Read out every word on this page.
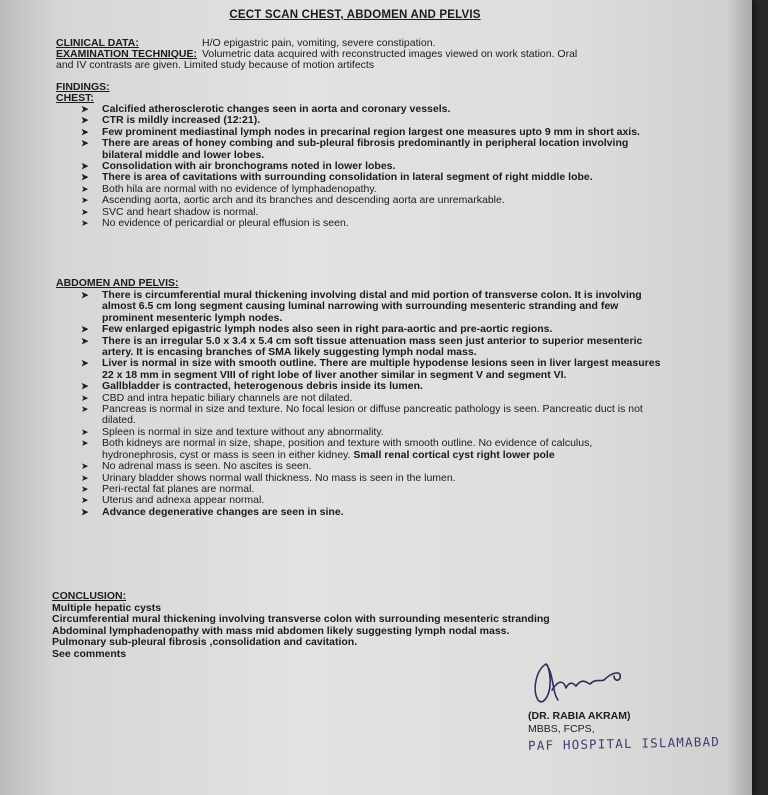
CECT SCAN CHEST, ABDOMEN AND PELVIS
CLINICAL DATA:	H/O epigastric pain, vomiting, severe constipation.
EXAMINATION TECHNIQUE: Volumetric data acquired with reconstructed images viewed on work station. Oral
and IV contrasts are given. Limited study because of motion artifects
FINDINGS:
CHEST:
➤ Calcified atherosclerotic changes seen in aorta and coronary vessels.
➤ CTR is mildly increased (12:21).
➤ Few prominent mediastinal lymph nodes in precarinal region largest one measures upto 9 mm in short axis.
➤ There are areas of honey combing and sub-pleural fibrosis predominantly in peripheral location involving bilateral middle and lower lobes.
➤ Consolidation with air bronchograms noted in lower lobes.
➤ There is area of cavitations with surrounding consolidation in lateral segment of right middle lobe.
➤ Both hila are normal with no evidence of lymphadenopathy.
➤ Ascending aorta, aortic arch and its branches and descending aorta are unremarkable.
➤ SVC and heart shadow is normal.
➤ No evidence of pericardial or pleural effusion is seen.
ABDOMEN AND PELVIS:
➤ There is circumferential mural thickening involving distal and mid portion of transverse colon. It is involving almost 6.5 cm long segment causing luminal narrowing with surrounding mesenteric stranding and few prominent mesenteric lymph nodes.
➤ Few enlarged epigastric lymph nodes also seen in right para-aortic and pre-aortic regions.
➤ There is an irregular 5.0 x 3.4 x 5.4 cm soft tissue attenuation mass seen just anterior to superior mesenteric artery. It is encasing branches of SMA likely suggesting lymph nodal mass.
➤ Liver is normal in size with smooth outline. There are multiple hypodense lesions seen in liver largest measures 22 x 18 mm in segment VIII of right lobe of liver another similar in segment V and segment VI.
➤ Gallbladder is contracted, heterogenous debris inside its lumen.
➤ CBD and intra hepatic biliary channels are not dilated.
➤ Pancreas is normal in size and texture. No focal lesion or diffuse pancreatic pathology is seen. Pancreatic duct is not dilated.
➤ Spleen is normal in size and texture without any abnormality.
➤ Both kidneys are normal in size, shape, position and texture with smooth outline. No evidence of calculus, hydronephrosis, cyst or mass is seen in either kidney. Small renal cortical cyst right lower pole
➤ No adrenal mass is seen. No ascites is seen.
➤ Urinary bladder shows normal wall thickness. No mass is seen in the lumen.
➤ Peri-rectal fat planes are normal.
➤ Uterus and adnexa appear normal.
➤ Advance degenerative changes are seen in sine.
CONCLUSION:
Multiple hepatic cysts
Circumferential mural thickening involving transverse colon with surrounding mesenteric stranding
Abdominal lymphadenopathy with mass mid abdomen likely suggesting lymph nodal mass.
Pulmonary sub-pleural fibrosis ,consolidation and cavitation.
See comments
(DR. RABIA AKRAM)
MBBS, FCPS,
PAF HOSPITAL ISLAMABAD
